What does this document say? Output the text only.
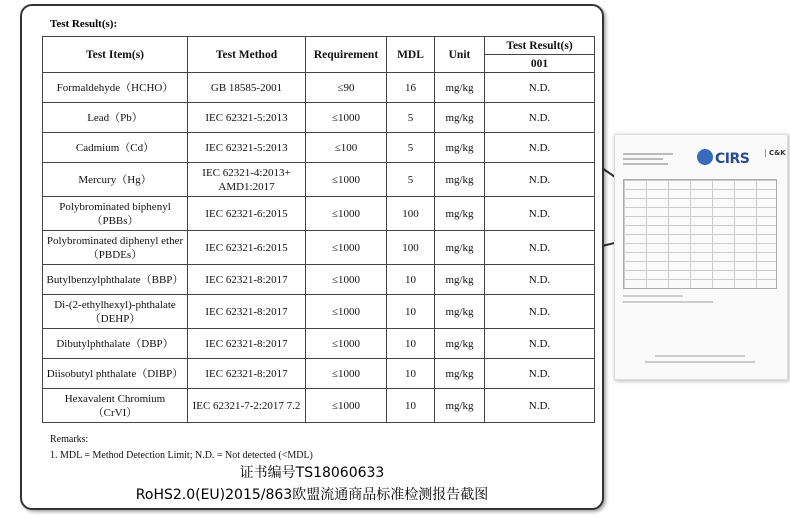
CIRS	C&K
Test Result(s):
Test Item(s)	Test Method	Requirement	MDL	Unit	Test Result(s)
					001
Formaldehyde（HCHO）	GB 18585-2001	≤90	16	mg/kg	N.D.
Lead（Pb）	IEC 62321-5:2013	≤1000	5	mg/kg	N.D.
Cadmium（Cd）	IEC 62321-5:2013	≤100	5	mg/kg	N.D.
Mercury（Hg）	IEC 62321-4:2013+ AMD1:2017	≤1000	5	mg/kg	N.D.
Polybrominated biphenyl（PBBs）	IEC 62321-6:2015	≤1000	100	mg/kg	N.D.
Polybrominated diphenyl ether（PBDEs）	IEC 62321-6:2015	≤1000	100	mg/kg	N.D.
Butylbenzylphthalate（BBP）	IEC 62321-8:2017	≤1000	10	mg/kg	N.D.
Di-(2-ethylhexyl)-phthalate（DEHP）	IEC 62321-8:2017	≤1000	10	mg/kg	N.D.
Dibutylphthalate（DBP）	IEC 62321-8:2017	≤1000	10	mg/kg	N.D.
Diisobutyl phthalate（DIBP）	IEC 62321-8:2017	≤1000	10	mg/kg	N.D.
Hexavalent Chromium（CrVI）	IEC 62321-7-2:2017 7.2	≤1000	10	mg/kg	N.D.
Remarks:
1. MDL = Method Detection Limit; N.D. = Not detected (<MDL)
证书编号TS18060633
RoHS2.0(EU)2015/863欧盟流通商品标准检测报告截图
